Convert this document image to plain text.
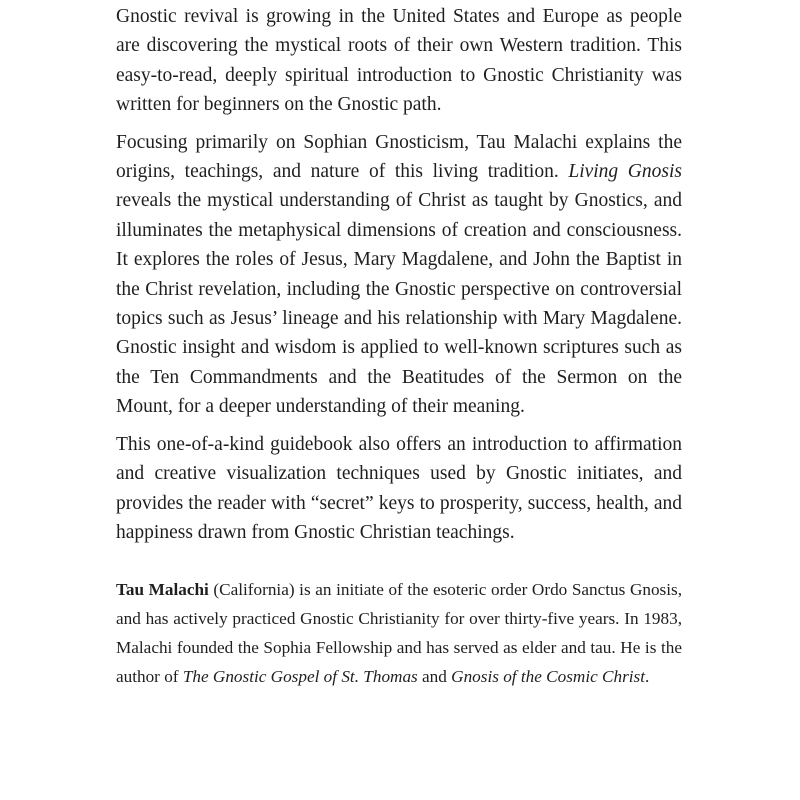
Gnostic revival is growing in the United States and Europe as people are discovering the mystical roots of their own Western tradition. This easy-to-read, deeply spiritual introduction to Gnostic Christianity was written for beginners on the Gnostic path.

Focusing primarily on Sophian Gnosticism, Tau Malachi explains the origins, teachings, and nature of this living tradition. Living Gnosis reveals the mystical understanding of Christ as taught by Gnostics, and illuminates the metaphysical dimensions of creation and consciousness. It explores the roles of Jesus, Mary Magdalene, and John the Baptist in the Christ revelation, including the Gnostic perspective on controversial topics such as Jesus’ lineage and his relationship with Mary Magdalene. Gnostic insight and wisdom is applied to well-known scriptures such as the Ten Commandments and the Beatitudes of the Sermon on the Mount, for a deeper understanding of their meaning.

This one-of-a-kind guidebook also offers an introduction to affirmation and creative visualization techniques used by Gnostic initiates, and provides the reader with “secret” keys to prosperity, success, health, and happiness drawn from Gnostic Christian teachings.

Tau Malachi (California) is an initiate of the esoteric order Ordo Sanctus Gnosis, and has actively practiced Gnostic Christianity for over thirty-five years. In 1983, Malachi founded the Sophia Fellowship and has served as elder and tau. He is the author of The Gnostic Gospel of St. Thomas and Gnosis of the Cosmic Christ.
